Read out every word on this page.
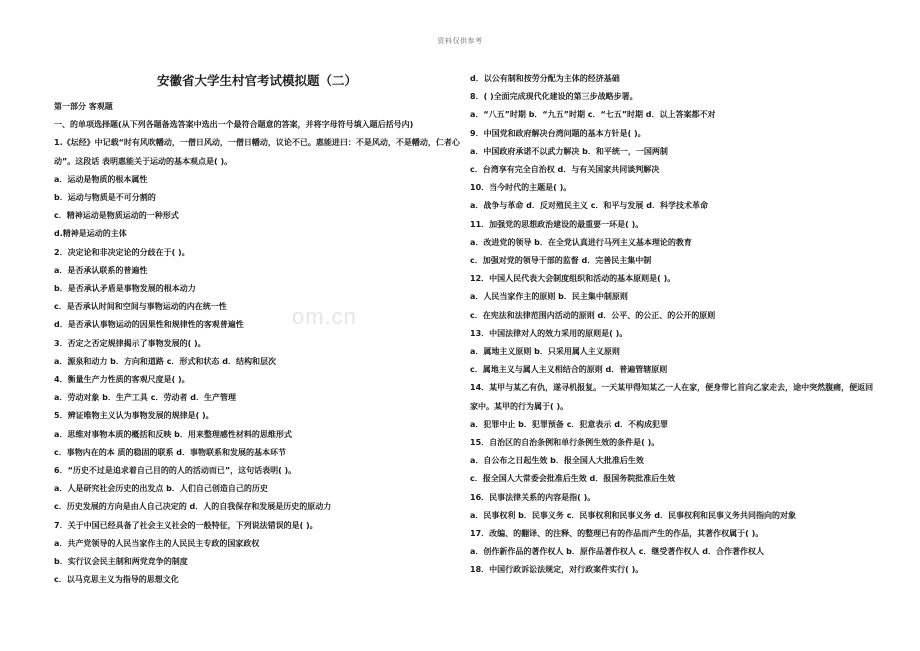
资料仅供参考
om.cn
安徽省大学生村官考试模拟题（二）
第一部分 客观题
一、的单项选择题(从下列各题备选答案中选出一个最符合题意的答案，并将字母符号填入题后括号内)
1.《坛经》中记载“时有风吹幡动，一僧日风动，一僧日幡动，议论不已。惠能进曰：不是风动，不是幡动，仁者心动”。这段话 表明惠能关于运动的基本观点是( )。
a．运动是物质的根本属性
b．运动与物质是不可分割的
c．精神运动是物质运动的一种形式
d.精神是运动的主体
2．决定论和非决定论的分歧在于( )。
a．是否承认联系的普遍性
b．是否承认矛盾是事物发展的根本动力
c．是否承认时间和空间与事物运动的内在统一性
d．是否承认事物运动的因果性和规律性的客观普遍性
3．否定之否定规律揭示了事物发展的( )。
a．源泉和动力 b．方向和道路 c．形式和状态 d．结构和层次
4．衡量生产力性质的客观尺度是( )。
a．劳动对象 b．生产工具 c．劳动者 d．生产管理
5．辨证唯物主义认为事物发展的规律是( )。
a．思维对事物本质的概括和反映 b．用来整理感性材料的思维形式
c．事物内在的本 质的稳固的联系 d．事物联系和发展的基本环节
6．“历史不过是追求着自己目的的人的活动而已”，这句话表明( )。
a．人是研究社会历史的出发点 b．人们自己创造自己的历史
c．历史发展的方向是由人自己决定的 d．人的自我保存和发展是历史的原动力
7．关于中国已经具备了社会主义社会的一般特征，下列说法错误的是( )。
a．共产党领导的人民当家作主的人民民主专政的国家政权
b．实行议会民主制和两党竞争的制度
c．以马克思主义为指导的思想文化
d．以公有制和按劳分配为主体的经济基础
8．( )全面完成现代化建设的第三步战略步署。
a．“八五”时期 b．“九五”时期 c．“七五”时期 d．以上答案都不对
9．中国党和政府解决台湾问题的基本方针是( )。
a．中国政府承诺不以武力解决 b．和平统一，一国两制
c．台湾享有完全自治权 d．与有关国家共同谈判解决
10．当今时代的主题是( )。
a．战争与革命 d．反对殖民主义 c．和平与发展 d．科学技术革命
11．加强党的思想政治建设的最重要一环是( )。
a．改进党的领导 b．在全党认真进行马列主义基本理论的教育
c．加强对党的领导干部的监督 d．完善民主集中制
12．中国人民代表大会制度组织和活动的基本原则是( )。
a．人民当家作主的原则 b．民主集中制原则
c．在宪法和法律范围内活动的原则 d．公平、的公正、的公开的原则
13．中国法律对人的效力采用的原则是( )。
a．属地主义原则 b．只采用属人主义原则
c．属地主义与属人主义相结合的原则 d．普遍管辖原则
14．某甲与某乙有仇，遂寻机报复。一天某甲得知某乙一人在家，便身带匕首向乙家走去，途中突然腹痛，便返回家中。某甲的行为属于( )。
a．犯罪中止 b．犯罪预备 c．犯意表示 d．不构成犯罪
15．自治区的自治条例和单行条例生效的条件是( )。
a．自公布之日起生效 b．报全国人大批准后生效
c．报全国人大常委会批准后生效 d．报国务院批准后生效
16．民事法律关系的内容是指( )。
a．民事权利 b．民事义务 c．民事权利和民事义务 d．民事权利和民事义务共同指向的对象
17．改编、的翻译、的注释、的整理已有的作品而产生的作品，其著作权属于( )。
a．创作新作品的著作权人 b．原作品著作权人 c．继受著作权人 d．合作著作权人
18．中国行政诉讼法规定，对行政案件实行( )。
